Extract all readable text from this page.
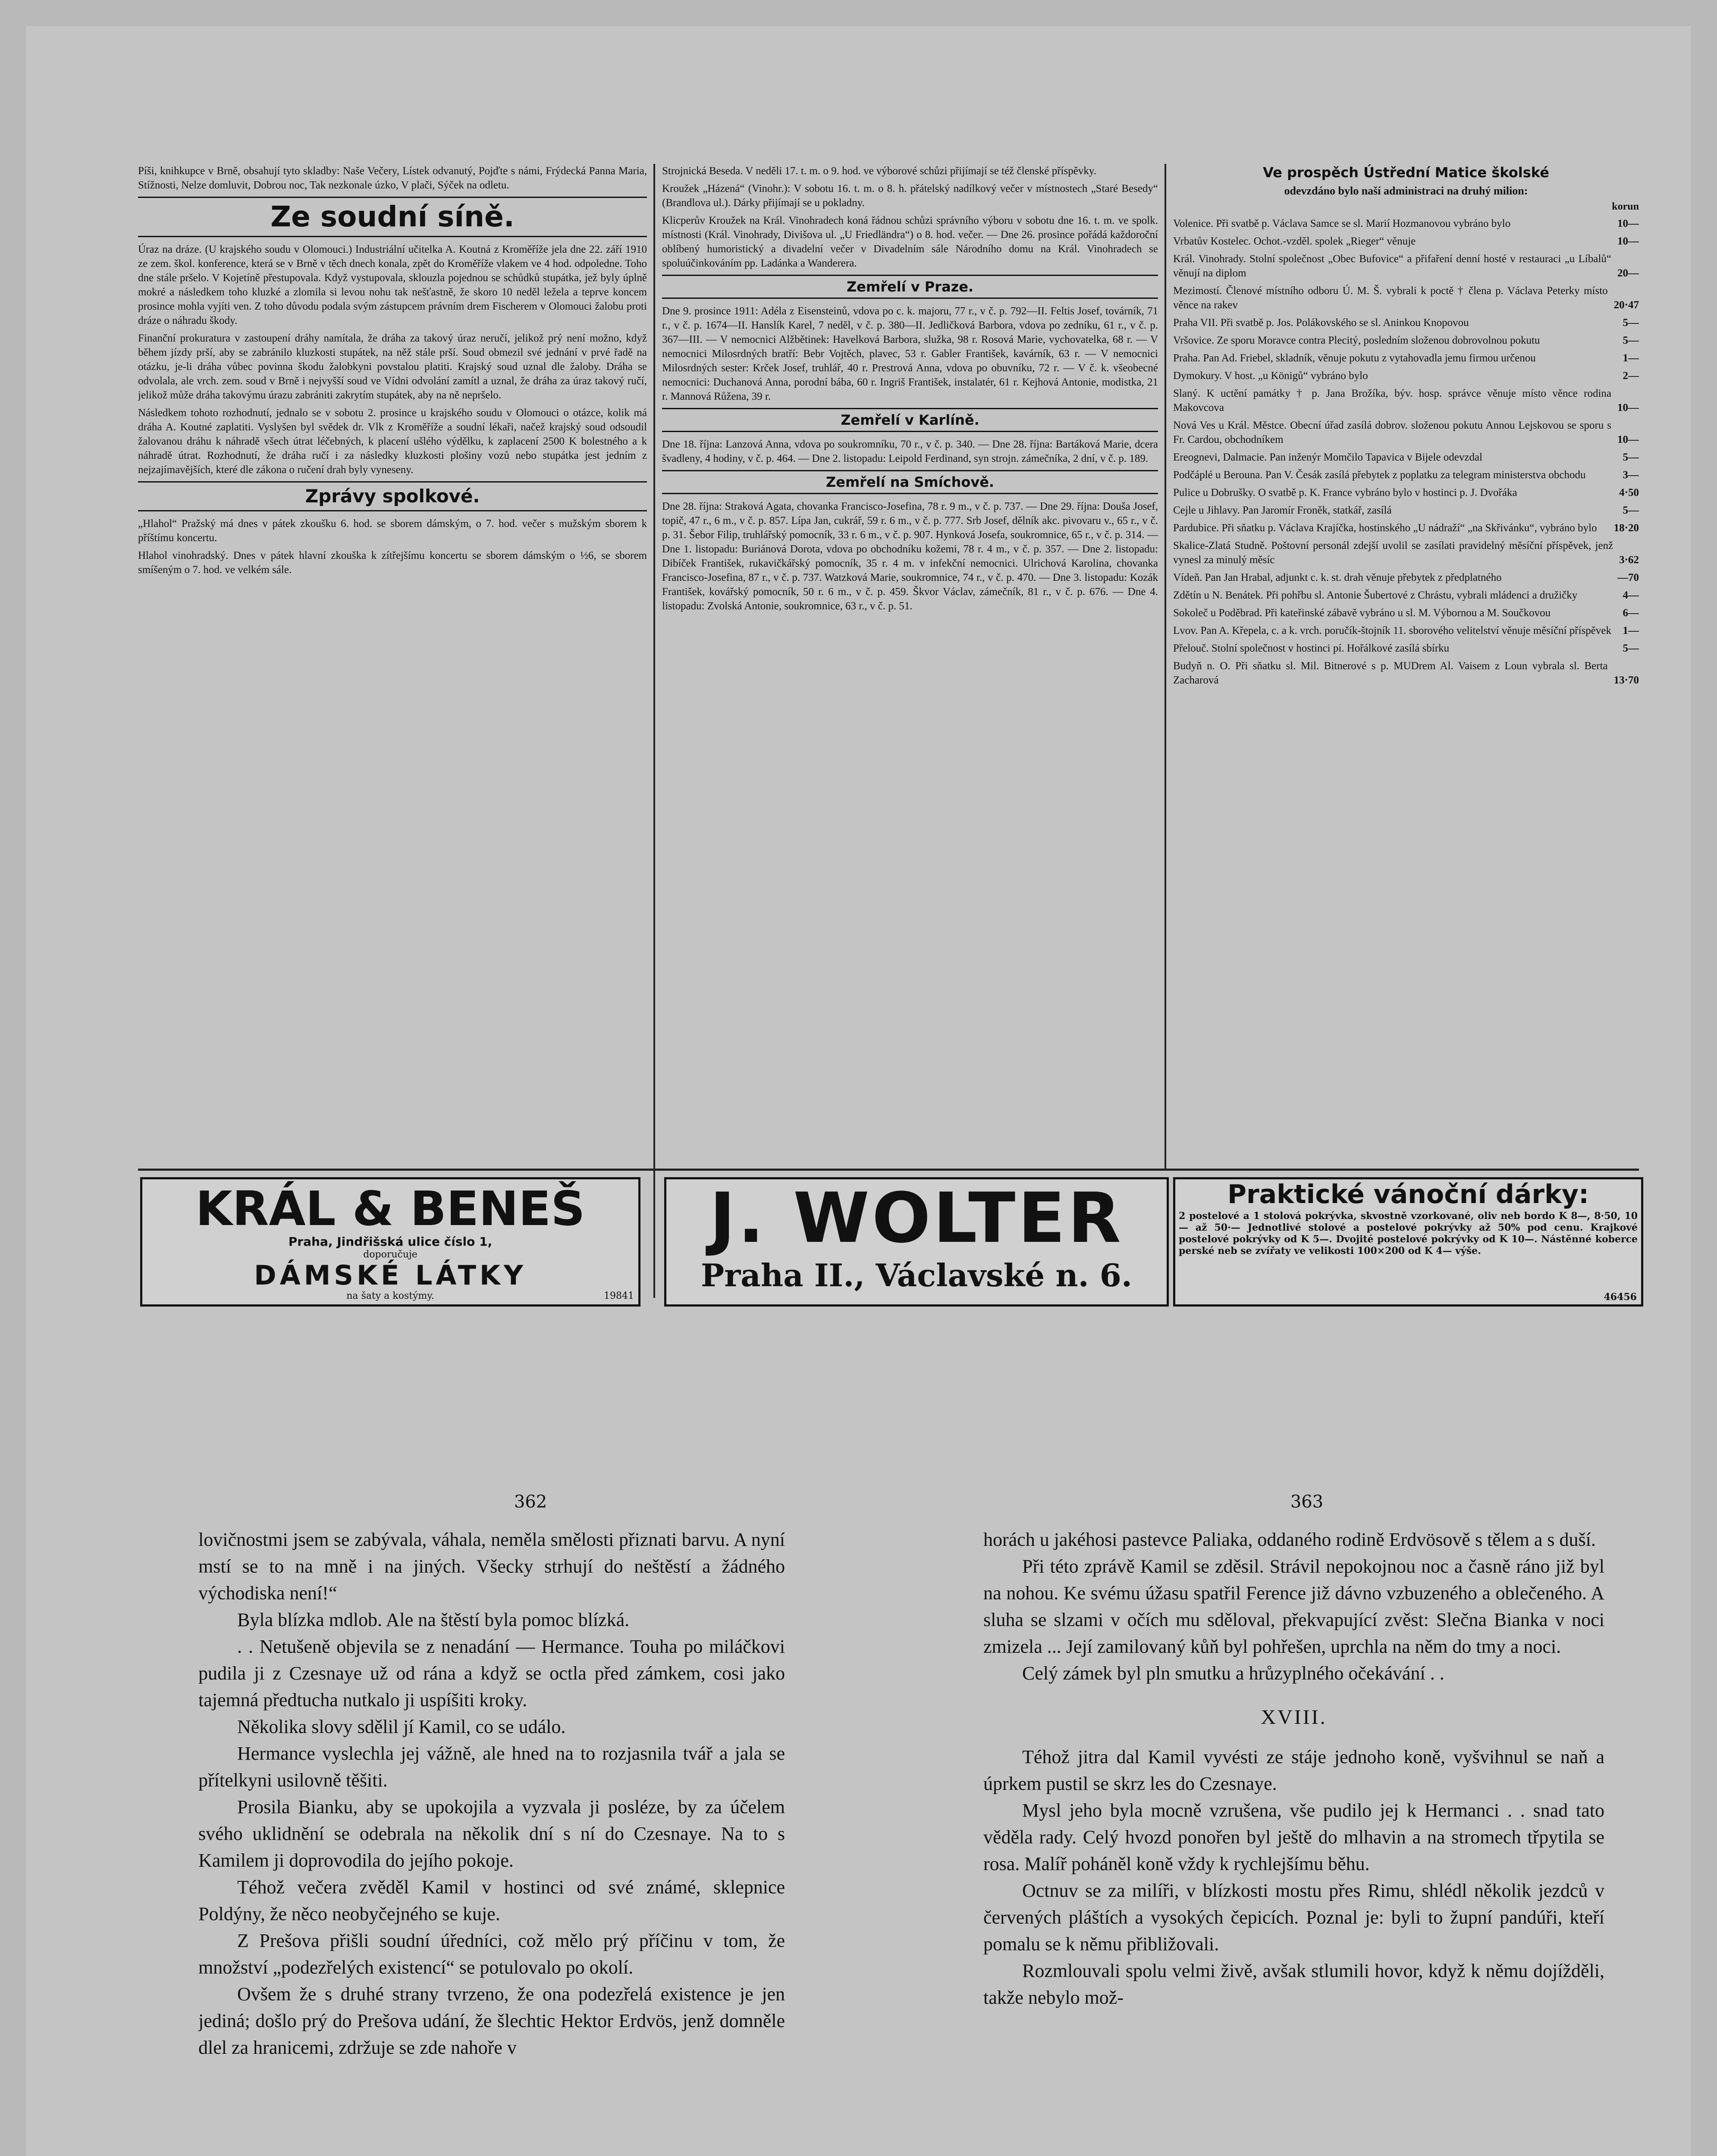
Píši, knihkupce v Brně, obsahují tyto skladby: Naše Večery, Lístek odvanutý, Pojďte s námi, Frýdecká Panna Maria, Stížnosti, Nelze domluvit, Dobrou noc, Tak nezkonale úzko, V plači, Sýček na odletu.

Ze soudní síně.

Úraz na dráze. (U krajského soudu v Olomouci.) Industriální učitelka A. Koutná z Kroměříže jela dne 22. září 1910 ze zem. škol. konference, která se v Brně v těch dnech konala, zpět do Kroměříže vlakem ve 4 hod. odpoledne. Toho dne stále pršelo. V Kojetíně přestupovala. Když vystupovala, sklouzla pojednou se schůdků stupátka, jež byly úplně mokré a následkem toho kluzké a zlomila si levou nohu tak nešťastně, že skoro 10 neděl ležela a teprve koncem prosince mohla vyjíti ven. Z toho důvodu podala svým zástupcem právním drem Fischerem v Olomouci žalobu proti dráze o náhradu škody.

Finanční prokuratura v zastoupení dráhy namítala, že dráha za takový úraz neručí, jelikož prý není možno, když během jízdy prší, aby se zabránilo kluzkosti stupátek, na něž stále prší. Soud obmezil své jednání v prvé řadě na otázku, je-li dráha vůbec povinna škodu žalobkyni povstalou platiti. Krajský soud uznal dle žaloby. Dráha se odvolala, ale vrch. zem. soud v Brně i nejvyšší soud ve Vídni odvolání zamítl a uznal, že dráha za úraz takový ručí, jelikož může dráha takovýmu úrazu zabrániti zakrytím stupátek, aby na ně nepršelo.

Následkem tohoto rozhodnutí, jednalo se v sobotu 2. prosince u krajského soudu v Olomouci o otázce, kolik má dráha A. Koutné zaplatiti. Vyslyšen byl svědek dr. Vlk z Kroměříže a soudní lékaři, načež krajský soud odsoudil žalovanou dráhu k náhradě všech útrat léčebných, k placení ušlého výdělku, k zaplacení 2500 K bolestného a k náhradě útrat. Rozhodnutí, že dráha ručí i za následky kluzkosti plošiny vozů nebo stupátka jest jedním z nejzajímavějších, které dle zákona o ručení drah byly vyneseny.

Zprávy spolkové.

„Hlahol“ Pražský má dnes v pátek zkoušku 6. hod. se sborem dámským, o 7. hod. večer s mužským sborem k příštímu koncertu.

Hlahol vinohradský. Dnes v pátek hlavní zkouška k zítřejšímu koncertu se sborem dámským o ½6, se sborem smíšeným o 7. hod. ve velkém sále.

Strojnická Beseda. V neděli 17. t. m. o 9. hod. ve výborové schůzi přijímají se též členské příspěvky.

Kroužek „Házená“ (Vinohr.): V sobotu 16. t. m. o 8. h. přátelský nadílkový večer v místnostech „Staré Besedy“ (Brandlova ul.). Dárky přijímají se u pokladny.

Klicperův Kroužek na Král. Vinohradech koná řádnou schůzi správního výboru v sobotu dne 16. t. m. ve spolk. místnosti (Král. Vinohrady, Divišova ul. „U Friedländra“) o 8. hod. večer. — Dne 26. prosince pořádá každoroční oblíbený humoristický a divadelní večer v Divadelním sále Národního domu na Král. Vinohradech se spoluúčinkováním pp. Ladánka a Wanderera.

Zemřelí v Praze.

Dne 9. prosince 1911: Adéla z Eisensteinů, vdova po c. k. majoru, 77 r., v č. p. 792—II. Feltis Josef, továrník, 71 r., v č. p. 1674—II. Hanslík Karel, 7 neděl, v č. p. 380—II. Jedličková Barbora, vdova po zedníku, 61 r., v č. p. 367—III. — V nemocnici Alžbětinek: Havelková Barbora, služka, 98 r. Rosová Marie, vychovatelka, 68 r. — V nemocnici Milosrdných bratří: Bebr Vojtěch, plavec, 53 r. Gabler František, kavárník, 63 r. — V nemocnici Milosrdných sester: Krček Josef, truhlář, 40 r. Prestrová Anna, vdova po obuvníku, 72 r. — V č. k. všeobecné nemocnici: Duchanová Anna, porodní bába, 60 r. Ingriš František, instalatér, 61 r. Kejhová Antonie, modistka, 21 r. Mannová Růžena, 39 r.

Zemřelí v Karlíně.

Dne 18. října: Lanzová Anna, vdova po soukromníku, 70 r., v č. p. 340. — Dne 28. října: Bartáková Marie, dcera švadleny, 4 hodiny, v č. p. 464. — Dne 2. listopadu: Leipold Ferdinand, syn strojn. zámečníka, 2 dní, v č. p. 189.

Zemřelí na Smíchově.

Dne 28. října: Straková Agata, chovanka Francisco-Josefina, 78 r. 9 m., v č. p. 737. — Dne 29. října: Douša Josef, topič, 47 r., 6 m., v č. p. 857. Lípa Jan, cukrář, 59 r. 6 m., v č. p. 777. Srb Josef, dělník akc. pivovaru v., 65 r., v č. p. 31. Šebor Filip, truhlářský pomocník, 33 r. 6 m., v č. p. 907. Hynková Josefa, soukromnice, 65 r., v č. p. 314. — Dne 1. listopadu: Buriánová Dorota, vdova po obchodníku kožemi, 78 r. 4 m., v č. p. 357. — Dne 2. listopadu: Dibíček František, rukavičkářský pomocník, 35 r. 4 m. v infekční nemocnici. Ulrichová Karolina, chovanka Francisco-Josefina, 87 r., v č. p. 737. Watzková Marie, soukromnice, 74 r., v č. p. 470. — Dne 3. listopadu: Kozák František, kovářský pomocník, 50 r. 6 m., v č. p. 459. Škvor Václav, zámečník, 81 r., v č. p. 676. — Dne 4. listopadu: Zvolská Antonie, soukromnice, 63 r., v č. p. 51.

Ve prospěch Ústřední Matice školské
odevzdáno bylo naší administraci na druhý milion:
korun
Volenice. Při svatbě p. Václava Samce se sl. Marií Hozmanovou vybráno bylo	10—
Vrbatův Kostelec. Ochot.-vzděl. spolek „Rieger“ věnuje	10—
Král. Vinohrady. Stolní společnost „Obec Bufovice“ a přifaření denní hosté v restauraci „u Líbalů“ věnují na diplom	20—
Mezimostí. Členové místního odboru Ú. M. Š. vybrali k poctě † člena p. Václava Peterky místo věnce na rakev	20·47
Praha VII. Při svatbě p. Jos. Polákovského se sl. Aninkou Knopovou	5—
Vršovice. Ze sporu Moravce contra Plecitý, posledním složenou dobrovolnou pokutu	5—
Praha. Pan Ad. Friebel, skladník, věnuje pokutu z vytahovadla jemu firmou určenou	1—
Dymokury. V host. „u Königů“ vybráno bylo	2—
Slaný. K uctění památky † p. Jana Brožíka, býv. hosp. správce věnuje místo věnce rodina Makovcova	10—
Nová Ves u Král. Městce. Obecní úřad zasílá dobrov. složenou pokutu Annou Lejskovou se sporu s Fr. Cardou, obchodníkem	10—
Ereognevi, Dalmacie. Pan inženýr Momčilo Tapavica v Bijele odevzdal	5—
Podčáplé u Berouna. Pan V. Česák zasílá přebytek z poplatku za telegram ministerstva obchodu	3—
Pulice u Dobrušky. O svatbě p. K. France vybráno bylo v hostinci p. J. Dvořáka	4·50
Cejle u Jihlavy. Pan Jaromír Froněk, statkář, zasílá	5—
Pardubice. Při sňatku p. Václava Krajíčka, hostinského „U nádraží“ „na Skřivánku“, vybráno bylo	18·20
Skalice-Zlatá Studně. Poštovní personál zdejší uvolil se zasílati pravidelný měsíční příspěvek, jenž vynesl za minulý měsíc	3·62
Vídeň. Pan Jan Hrabal, adjunkt c. k. st. drah věnuje přebytek z předplatného	—70
Zdětín u N. Benátek. Při pohřbu sl. Antonie Šubertové z Chrástu, vybrali mládenci a družičky	4—
Sokoleč u Poděbrad. Při kateřinské zábavě vybráno u sl. M. Výbornou a M. Součkovou	6—
Lvov. Pan A. Křepela, c. a k. vrch. poručík-štojník 11. sborového velitelství věnuje měsíční příspěvek	1—
Přelouč. Stolní společnost v hostinci pí. Hořálkové zasílá sbírku	5—
Budyň n. O. Při sňatku sl. Mil. Bitnerové s p. MUDrem Al. Vaisem z Loun vybrala sl. Berta Zacharová	13·70
KRÁL & BENEŠ
Praha, Jindřišská ulice číslo 1,
doporučuje
DÁMSKÉ LÁTKY
na šaty a kostýmy.	19841
J. WOLTER
Praha II., Václavské n. 6.
Praktické vánoční dárky:
2 postelové a 1 stolová pokrývka, skvostně vzorkované, oliv neb bordo K 8—, 8·50, 10— až 50·— Jednotlivé stolové a postelové pokrývky až 50% pod cenu. Krajkové postelové pokrývky od K 5—. Dvojité postelové pokrývky od K 10—. Nástěnné koberce perské neb se zvířaty ve velikosti 100×200 od K 4— výše.
46456
362	363

lovičnostmi jsem se zabývala, váhala, neměla smělosti přiznati barvu. A nyní mstí se to na mně i na jiných. Všecky strhují do neštěstí a žádného východiska není!“

Byla blízka mdlob. Ale na štěstí byla pomoc blízká.

. . Netušeně objevila se z nenadání — Hermance. Touha po miláčkovi pudila ji z Czesnaye už od rána a když se octla před zámkem, cosi jako tajemná předtucha nutkalo ji uspíšiti kroky.

Několika slovy sdělil jí Kamil, co se událo.

Hermance vyslechla jej vážně, ale hned na to rozjasnila tvář a jala se přítelkyni usilovně těšiti.

Prosila Bianku, aby se upokojila a vyzvala ji posléze, by za účelem svého uklidnění se odebrala na několik dní s ní do Czesnaye. Na to s Kamilem ji doprovodila do jejího pokoje.

Téhož večera zvěděl Kamil v hostinci od své známé, sklepnice Poldýny, že něco neobyčejného se kuje.

Z Prešova přišli soudní úředníci, což mělo prý příčinu v tom, že množství „podezřelých existencí“ se potulovalo po okolí.

Ovšem že s druhé strany tvrzeno, že ona podezřelá existence je jen jediná; došlo prý do Prešova udání, že šlechtic Hektor Erdvös, jenž domněle dlel za hranicemi, zdržuje se zde nahoře v

horách u jakéhosi pastevce Paliaka, oddaného rodině Erdvösově s tělem a s duší.

Při této zprávě Kamil se zděsil. Strávil nepokojnou noc a časně ráno již byl na nohou. Ke svému úžasu spatřil Ference již dávno vzbuzeného a oblečeného. A sluha se slzami v očích mu sděloval, překvapující zvěst: Slečna Bianka v noci zmizela ... Její zamilovaný kůň byl pohřešen, uprchla na něm do tmy a noci.

Celý zámek byl pln smutku a hrůzyplného očekávání . .

XVIII.

Téhož jitra dal Kamil vyvésti ze stáje jednoho koně, vyšvihnul se naň a úprkem pustil se skrz les do Czesnaye.

Mysl jeho byla mocně vzrušena, vše pudilo jej k Hermanci . . snad tato věděla rady. Celý hvozd ponořen byl ještě do mlhavin a na stromech třpytila se rosa. Malíř poháněl koně vždy k rychlejšímu běhu.

Octnuv se za milíři, v blízkosti mostu přes Rimu, shlédl několik jezdců v červených pláštích a vysokých čepicích. Poznal je: byli to župní pandúři, kteří pomalu se k němu přibližovali.

Rozmlouvali spolu velmi živě, avšak stlumili hovor, když k němu dojížděli, takže nebylo mož-
